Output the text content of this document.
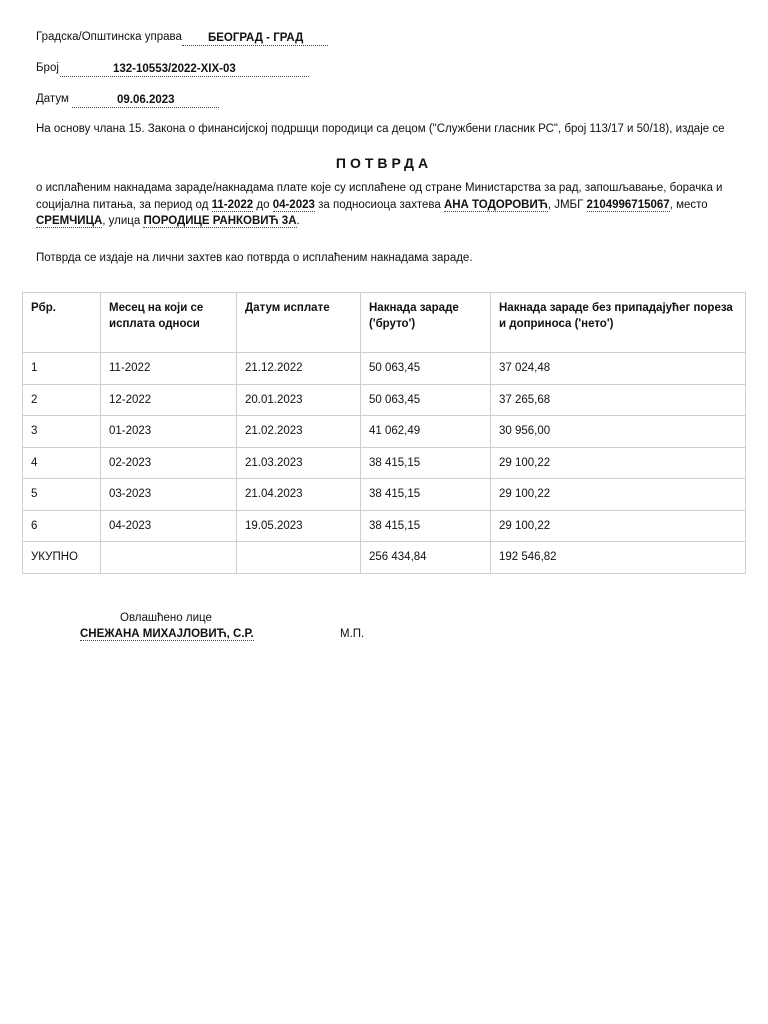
Градска/Општинска управа	БЕОГРАД - ГРАД
Број	132-10553/2022-XIX-03
Датум	09.06.2023
На основу члана 15. Закона о финансијској подршци породици са децом ("Службени гласник РС", број 113/17 и 50/18), издаје се
ПОТВРДА
о исплаћеним накнадама зараде/накнадама плате које су исплаћене од стране Министарства за рад, запошљавање, борачка и социјална питања, за период од 11-2022 до 04-2023 за подносиоца захтева АНА ТОДОРОВИЋ, ЈМБГ 2104996715067, место СРЕМЧИЦА, улица ПОРОДИЦЕ РАНКОВИЋ 3А.
Потврда се издаје на лични захтев као потврда о исплаћеним накнадама зараде.
Рбр.	Месец на који се исплата односи	Датум исплате	Накнада зараде ('бруто')	Накнада зараде без припадајућег пореза и доприноса ('нето')
1	11-2022	21.12.2022	50 063,45	37 024,48
2	12-2022	20.01.2023	50 063,45	37 265,68
3	01-2023	21.02.2023	41 062,49	30 956,00
4	02-2023	21.03.2023	38 415,15	29 100,22
5	03-2023	21.04.2023	38 415,15	29 100,22
6	04-2023	19.05.2023	38 415,15	29 100,22
УКУПНО			256 434,84	192 546,82
Овлашћено лице
СНЕЖАНА МИХАЈЛОВИЋ, С.Р.	М.П.
